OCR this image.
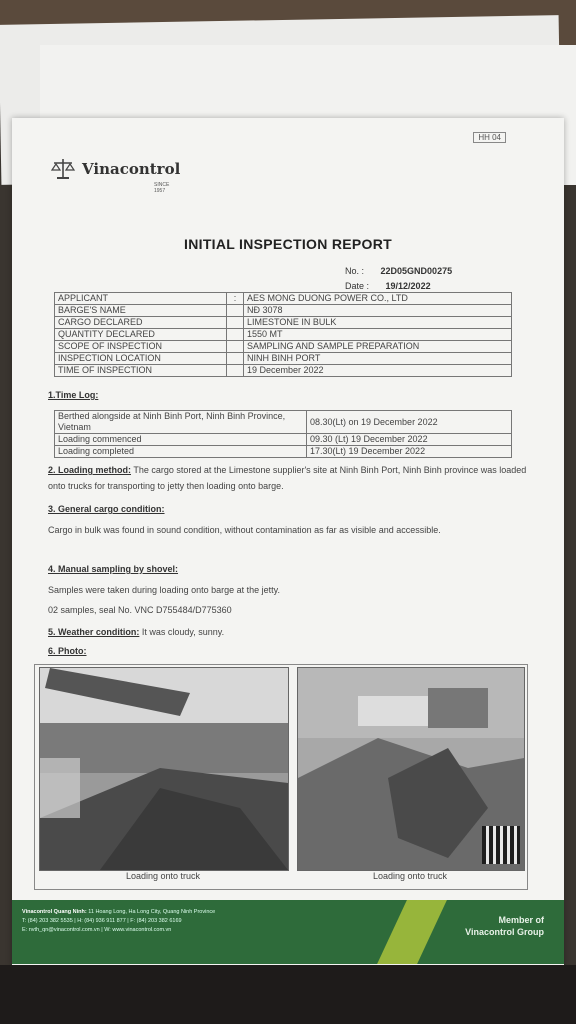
HH 04
Vinacontrol
SINCE 1957
INITIAL INSPECTION REPORT
No. : 22D05GND00275
Date : 19/12/2022
APPLICANT	:	AES MONG DUONG POWER CO., LTD
BARGE'S NAME		NĐ 3078
CARGO DECLARED		LIMESTONE IN BULK
QUANTITY DECLARED		1550 MT
SCOPE OF INSPECTION		SAMPLING AND SAMPLE PREPARATION
INSPECTION LOCATION		NINH BINH PORT
TIME OF INSPECTION		19 December 2022
1.Time Log:
Berthed alongside at Ninh Binh Port, Ninh Binh Province, Vietnam	08.30(Lt) on 19 December 2022
Loading commenced	09.30 (Lt) 19 December 2022
Loading completed	17.30(Lt) 19 December 2022
2. Loading method: The cargo stored at the Limestone supplier's site at Ninh Binh Port, Ninh Binh province was loaded onto trucks for transporting to jetty then loading onto barge.
3. General cargo condition:
Cargo in bulk was found in sound condition, without contamination as far as visible and accessible.
4. Manual sampling by shovel:
Samples were taken during loading onto barge at the jetty.
02 samples, seal No. VNC D755484/D775360
5. Weather condition: It was cloudy, sunny.
6. Photo:
Loading onto truck	Loading onto truck
Vinacontrol Quang Ninh: 11 Hoang Long, Ha Long City, Quang Ninh Province
T: (84) 203 382 5535 | H: (84) 936 911 877 | F: (84) 203 382 6169
E: nvth_qn@vinacontrol.com.vn | W: www.vinacontrol.com.vn
Member of
Vinacontrol Group
